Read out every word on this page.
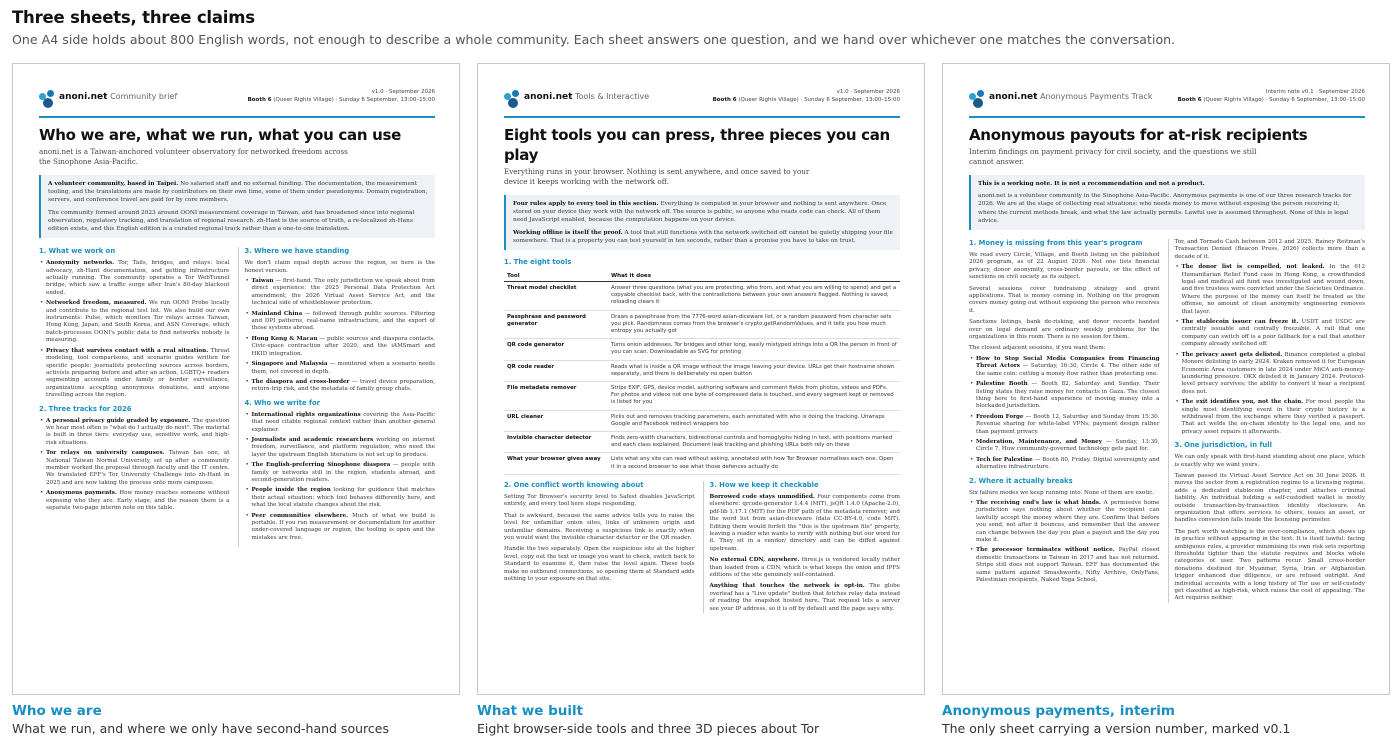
Three sheets, three claims

One A4 side holds about 800 English words, not enough to describe a whole community. Each sheet answers one question, and we hand over whichever one matches the conversation.

anoni.net
· Community brief	v1.0 · September 2026
Booth 6 (Queer Rights Village) · Sunday 6 September, 13:00–15:00
Who we are, what we run, what you can use
anoni.net is a Taiwan-anchored volunteer observatory for networked freedom across the Sinophone Asia-Pacific.

A volunteer community, based in Taipei. No salaried staff and no external funding. The documentation, the measurement tooling, and the translations are made by contributors on their own time, some of them under pseudonyms. Domain registration, servers, and conference travel are paid for by core members.

The community formed around 2023 around OONI measurement coverage in Taiwan, and has broadened since into regional observation, regulatory tracking, and translation of regional research. zh-Hant is the source of truth, a re-localized zh-Hans edition exists, and this English edition is a curated regional track rather than a one-to-one translation.

1. What we work on
• Anonymity networks. Tor, Tails, bridges, and relays: local advocacy, zh-Hant documentation, and getting infrastructure actually running. The community operates a Tor WebTunnel bridge, which saw a traffic surge after Iran's 80-day blackout ended.
• Networked freedom, measured. We run OONI Probe locally and contribute to the regional test list. We also build our own instruments: Pulse, which monitors Tor relays across Taiwan, Hong Kong, Japan, and South Korea, and ASN Coverage, which batch-processes OONI's public data to find networks nobody is measuring.
• Privacy that survives contact with a real situation. Threat modeling, tool comparisons, and scenario guides written for specific people: journalists protecting sources across borders, activists preparing before and after an action, LGBTQ+ readers segmenting accounts under family or border surveillance, organizations accepting anonymous donations, and anyone travelling across the region.
2. Three tracks for 2026
• A personal privacy guide graded by exposure. The question we hear most often is "what do I actually do next". The material is built in three tiers: everyday use, sensitive work, and high-risk situations.
• Tor relays on university campuses. Taiwan has one, at National Taiwan Normal University, set up after a community member worked the proposal through faculty and the IT centre. We translated EFF's Tor University Challenge into zh-Hant in 2025 and are now taking the process onto more campuses.
• Anonymous payments. How money reaches someone without exposing who they are. Early stage, and the reason there is a separate two-page interim note on this table.
3. Where we have standing
We don't claim equal depth across the region, so here is the honest version.
• Taiwan — first-hand. The only jurisdiction we speak about from direct experience: the 2025 Personal Data Protection Act amendment, the 2026 Virtual Asset Service Act, and the technical side of whistleblower protection.
• Mainland China — followed through public sources. Filtering and DPI patterns, real-name infrastructure, and the export of those systems abroad.
• Hong Kong & Macau — public sources and diaspora contacts. Civic-space contraction after 2020, and the iAMSmart and HKID integration.
• Singapore and Malaysia — monitored when a scenario needs them, not covered in depth.
• The diaspora and cross-border — travel device preparation, return-trip risk, and the metadata of family group chats.
4. Who we write for
• International rights organizations covering the Asia-Pacific that need citable regional context rather than another general explainer.
• Journalists and academic researchers working on internet freedom, surveillance, and platform regulation, who need the layer the upstream English literature is not set up to produce.
• The English-preferring Sinophone diaspora — people with family or networks still in the region, students abroad, and second-generation readers.
• People inside the region looking for guidance that matches their actual situation: which tool behaves differently here, and what the local statute changes about the risk.
• Peer communities elsewhere. Much of what we build is portable. If you run measurement or documentation for another under-covered language or region, the tooling is open and the mistakes are free.
anoni.net
· Tools & Interactive	v1.0 · September 2026
Booth 6 (Queer Rights Village) · Sunday 6 September, 13:00–15:00
Eight tools you can press, three pieces you can play
Everything runs in your browser. Nothing is sent anywhere, and once saved to your device it keeps working with the network off.

Four rules apply to every tool in this section. Everything is computed in your browser and nothing is sent anywhere. Once stored on your device they work with the network off. The source is public, so anyone who reads code can check. All of them need JavaScript enabled, because the computation happens on your device.

Working offline is itself the proof. A tool that still functions with the network switched off cannot be quietly shipping your file somewhere. That is a property you can test yourself in ten seconds, rather than a promise you have to take on trust.

1. The eight tools
Tool	What it does
Threat model checklist	Answer three questions (what you are protecting, who from, and what you are willing to spend) and get a copyable checklist back, with the contradictions between your own answers flagged. Nothing is saved; reloading clears it
Passphrase and password generator	Draws a passphrase from the 7776-word asian-diceware list, or a random password from character sets you pick. Randomness comes from the browser's crypto.getRandomValues, and it tells you how much entropy you actually got
QR code generator	Turns onion addresses, Tor bridges and other long, easily mistyped strings into a QR the person in front of you can scan. Downloadable as SVG for printing
QR code reader	Reads what is inside a QR image without the image leaving your device. URLs get their hostname shown separately, and there is deliberately no open button
File metadata remover	Strips EXIF, GPS, device model, authoring software and comment fields from photos, videos and PDFs. For photos and videos not one byte of compressed data is touched, and every segment kept or removed is listed for you
URL cleaner	Picks out and removes tracking parameters, each annotated with who is doing the tracking. Unwraps Google and Facebook redirect wrappers too
Invisible character detector	Finds zero-width characters, bidirectional controls and homoglyphs hiding in text, with positions marked and each class explained. Document leak tracking and phishing URLs both rely on these
What your browser gives away	Lists what any site can read without asking, annotated with how Tor Browser normalises each one. Open it in a second browser to see what those defences actually do
2. One conflict worth knowing about
Setting Tor Browser's security level to Safest disables JavaScript entirely, and every tool here stops responding.
That is awkward, because the same advice tells you to raise the level for unfamiliar onion sites, links of unknown origin and unfamiliar domains. Receiving a suspicious link is exactly when you would want the invisible character detector or the QR reader.
Handle the two separately. Open the suspicious site at the higher level, copy out the text or image you want to check, switch back to Standard to examine it, then raise the level again. These tools make no outbound connections, so opening them at Standard adds nothing to your exposure on that site.
3. How we keep it checkable
Borrowed code stays unmodified. Four components come from elsewhere: qrcode-generator 1.4.4 (MIT), jsQR 1.4.0 (Apache-2.0), pdf-lib 1.17.1 (MIT) for the PDF path of the metadata remover, and the word list from asian-diceware (data CC-BY-4.0, code MIT). Editing them would forfeit the "this is the upstream file" property, leaving a reader who wants to verify with nothing but our word for it. They sit in a vendor/ directory and can be diffed against upstream.
No external CDN, anywhere. three.js is vendored locally rather than loaded from a CDN, which is what keeps the onion and IPFS editions of the site genuinely self-contained.
Anything that touches the network is opt-in. The globe overleaf has a "Live update" button that fetches relay data instead of reading the snapshot hosted here. That request lets a server see your IP address, so it is off by default and the page says why.
anoni.net
· Anonymous Payments Track	Interim note v0.1 · September 2026
Booth 6 (Queer Rights Village) · Sunday 6 September, 13:00–15:00
Anonymous payouts for at-risk recipients
Interim findings on payment privacy for civil society, and the questions we still cannot answer.

This is a working note. It is not a recommendation and not a product.

anoni.net is a volunteer community in the Sinophone Asia-Pacific. Anonymous payments is one of our three research tracks for 2026. We are at the stage of collecting real situations: who needs money to move without exposing the person receiving it, where the current methods break, and what the law actually permits. Lawful use is assumed throughout. None of this is legal advice.

1. Money is missing from this year's program
We read every Circle, Village, and Booth listing on the published 2026 program, as of 22 August 2026. Not one lists financial privacy, donor anonymity, cross-border payouts, or the effect of sanctions on civil society as its subject.
Several sessions cover fundraising strategy and grant applications. That is money coming in. Nothing on the program covers money going out without exposing the person who receives it.
Sanctions listings, bank de-risking, and donor records handed over on legal demand are ordinary weekly problems for the organizations in this room. There is no session for them.
The closest adjacent sessions, if you want them:
• How to Stop Social Media Companies from Financing Threat Actors — Saturday, 16:30, Circle 4. The other side of the same coin: cutting a money flow rather than protecting one.
• Palestine Booth — Booth 82, Saturday and Sunday. Their listing states they raise money for contacts in Gaza. The closest thing here to first-hand experience of moving money into a blockaded jurisdiction.
• Freedom Forge — Booth 12, Saturday and Sunday from 15:30. Revenue sharing for white-label VPNs; payment design rather than payment privacy.
• Moderation, Maintenance, and Money — Sunday, 13:30, Circle 7. How community-governed technology gets paid for.
• Tech for Palestine — Booth 80, Friday. Digital sovereignty and alternative infrastructure.
2. Where it actually breaks
Six failure modes we keep running into. None of them are exotic.
• The receiving end's law is what binds. A permissive home jurisdiction says nothing about whether the recipient can lawfully accept the money where they are. Confirm that before you send, not after it bounces, and remember that the answer can change between the day you plan a payout and the day you make it.
• The processor terminates without notice. PayPal closed domestic transactions in Taiwan in 2017 and has not returned. Stripe still does not support Taiwan. EFF has documented the same pattern against Smashwords, Nifty Archive, OnlyFans, Palestinian recipients, Naked Yoga School,
Tor, and Tornado Cash between 2012 and 2025. Rainey Reitman's Transaction Denied (Beacon Press, 2026) collects more than a decade of it.
• The donor list is compelled, not leaked. In the 612 Humanitarian Relief Fund case in Hong Kong, a crowdfunded legal and medical aid fund was investigated and wound down, and five trustees were convicted under the Societies Ordinance. Where the purpose of the money can itself be treated as the offense, no amount of clean anonymity engineering removes that layer.
• The stablecoin issuer can freeze it. USDT and USDC are centrally issuable and centrally freezable. A rail that one company can switch off is a poor fallback for a rail that another company already switched off.
• The privacy asset gets delisted. Binance completed a global Monero delisting in early 2024. Kraken removed it for European Economic Area customers in late 2024 under MiCA anti-money-laundering pressure. OKX delisted it in January 2024. Protocol-level privacy survives; the ability to convert it near a recipient does not.
• The exit identifies you, not the chain. For most people the single most identifying event in their crypto history is a withdrawal from the exchange where they verified a passport. That act welds the on-chain identity to the legal one, and no privacy asset repairs it afterwards.
3. One jurisdiction, in full
We can only speak with first-hand standing about one place, which is exactly why we want yours.
Taiwan passed its Virtual Asset Service Act on 30 June 2026. It moves the sector from a registration regime to a licensing regime, adds a dedicated stablecoin chapter, and attaches criminal liability. An individual holding a self-custodied wallet is mostly outside transaction-by-transaction identity disclosure. An organization that offers services to others, issues an asset, or handles conversion falls inside the licensing perimeter.
The part worth watching is the over-compliance, which shows up in practice without appearing in the text. It is itself lawful: facing ambiguous rules, a provider minimising its own risk sets reporting thresholds tighter than the statute requires and blocks whole categories of user. Two patterns recur. Small cross-border donations destined for Myanmar, Syria, Iran or Afghanistan trigger enhanced due diligence, or are refused outright. And individual accounts with a long history of Tor use or self-custody get classified as high-risk, which raises the cost of appealing. The Act requires neither.
Who we are
What we run, and where we only have second-hand sources
What we built
Eight browser-side tools and three 3D pieces about Tor
Anonymous payments, interim
The only sheet carrying a version number, marked v0.1
